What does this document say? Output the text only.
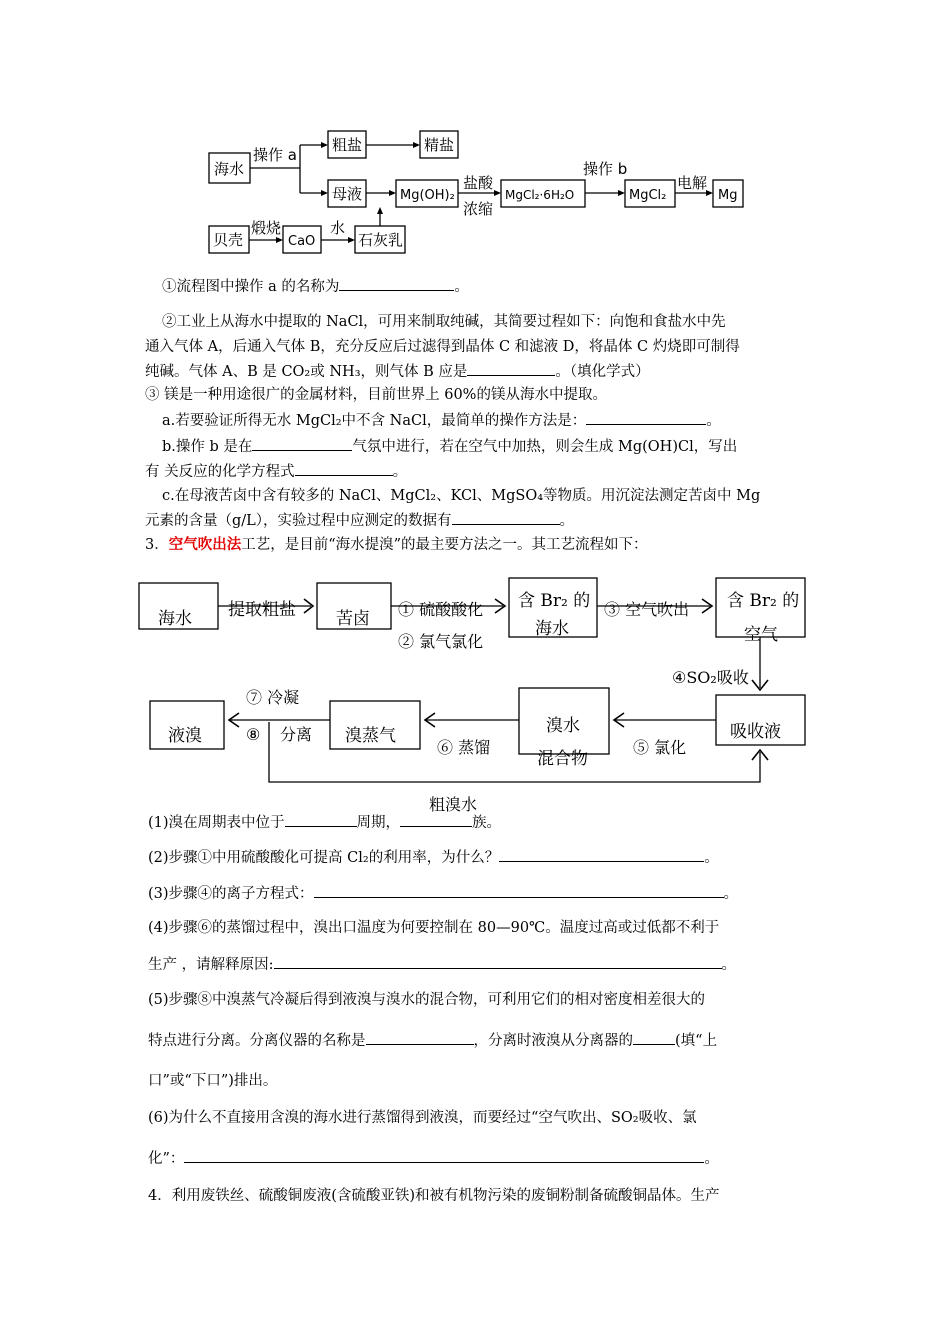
海水
操作 a
粗盐	精盐
母液	Mg(OH)₂
盐酸
浓缩
MgCl₂·6H₂O
操作 b
MgCl₂
电解
Mg
贝壳
煅烧
CaO
水
石灰乳
①流程图中操作 a 的名称为	。
②工业上从海水中提取的 NaCl，可用来制取纯碱，其简要过程如下：向饱和食盐水中先
通入气体 A，后通入气体 B，充分反应后过滤得到晶体 C 和滤液 D，将晶体 C 灼烧即可制得
纯碱。气体 A、B 是 CO₂或 NH₃，则气体 B 应是	。（填化学式）
③ 镁是一种用途很广的金属材料，目前世界上 60%的镁从海水中提取。
a.若要验证所得无水 MgCl₂中不含 NaCl，最简单的操作方法是：	。
b.操作 b 是在	气氛中进行，若在空气中加热，则会生成 Mg(OH)Cl，写出
有 关反应的化学方程式	。
c.在母液苦卤中含有较多的 NaCl、MgCl₂、KCl、MgSO₄等物质。用沉淀法测定苦卤中 Mg
元素的含量（g/L），实验过程中应测定的数据有	。
3．空气吹出法工艺，是目前“海水提溴”的最主要方法之一。其工艺流程如下：
海水 提取粗盐 苦卤 ① 硫酸酸化
② 氯气氯化
含 Br₂ 的
海水
③ 空气吹出 含 Br₂ 的
空气
④SO₂吸收
吸收液
⑤ 氯化
溴水
混合物
⑥ 蒸馏
溴蒸气
⑦ 冷凝
⑧ 分离
液溴
粗溴水
(1)溴在周期表中位于	周期，	族。
(2)步骤①中用硫酸酸化可提高 Cl₂的利用率，为什么？	。
(3)步骤④的离子方程式：	。
(4)步骤⑥的蒸馏过程中，溴出口温度为何要控制在 80—90℃。温度过高或过低都不利于
生产 ，请解释原因:	。
(5)步骤⑧中溴蒸气冷凝后得到液溴与溴水的混合物，可利用它们的相对密度相差很大的
特点进行分离。分离仪器的名称是	，分离时液溴从分离器的	(填“上
口”或“下口”)排出。
(6)为什么不直接用含溴的海水进行蒸馏得到液溴，而要经过“空气吹出、SO₂吸收、氯
化”：	。
4．利用废铁丝、硫酸铜废液(含硫酸亚铁)和被有机物污染的废铜粉制备硫酸铜晶体。生产
